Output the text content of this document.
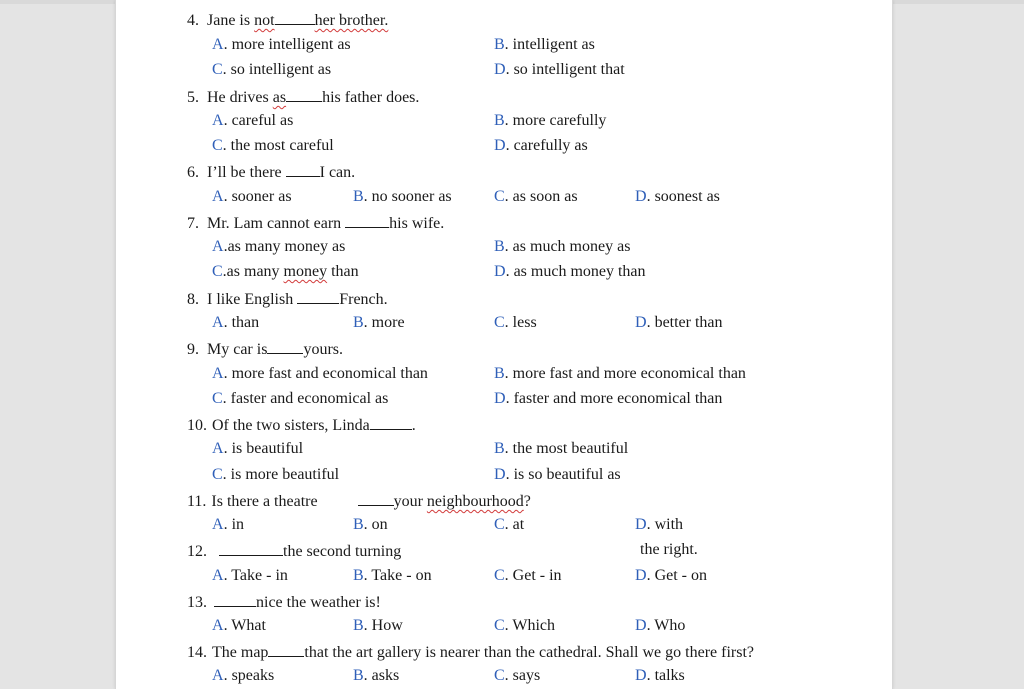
4. Jane is not	her brother.
A. more intelligent as	B. intelligent as
C. so intelligent as	D. so intelligent that
5. He drives as his father does.
A. careful as	B. more carefully
C. the most careful	D. carefully as
6. I’ll be there I can.
A. sooner as	B. no sooner as	C. as soon as	D. soonest as
7. Mr. Lam cannot earn	his wife.
A.as many money as	B. as much money as
C.as many money than	D. as much money than
8. I like English	French.
A. than	B. more	C. less	D. better than
9. My car is yours.
A. more fast and economical than	B. more fast and more economical than
C. faster and economical as	D. faster and more economical than
10. Of the two sisters, Linda	.
A. is beautiful	B. the most beautiful
C. is more beautiful	D. is so beautiful as
11. Is there a theatre	your neighbourhood?
A. in	B. on	C. at	D. with
12.	the second turning	the right.
A. Take - in	B. Take - on	C. Get - in	D. Get - on
13.	nice the weather is!
A. What	B. How	C. Which	D. Who
14. The map that the art gallery is nearer than the cathedral. Shall we go there first?
A. speaks	B. asks	C. says	D. talks
